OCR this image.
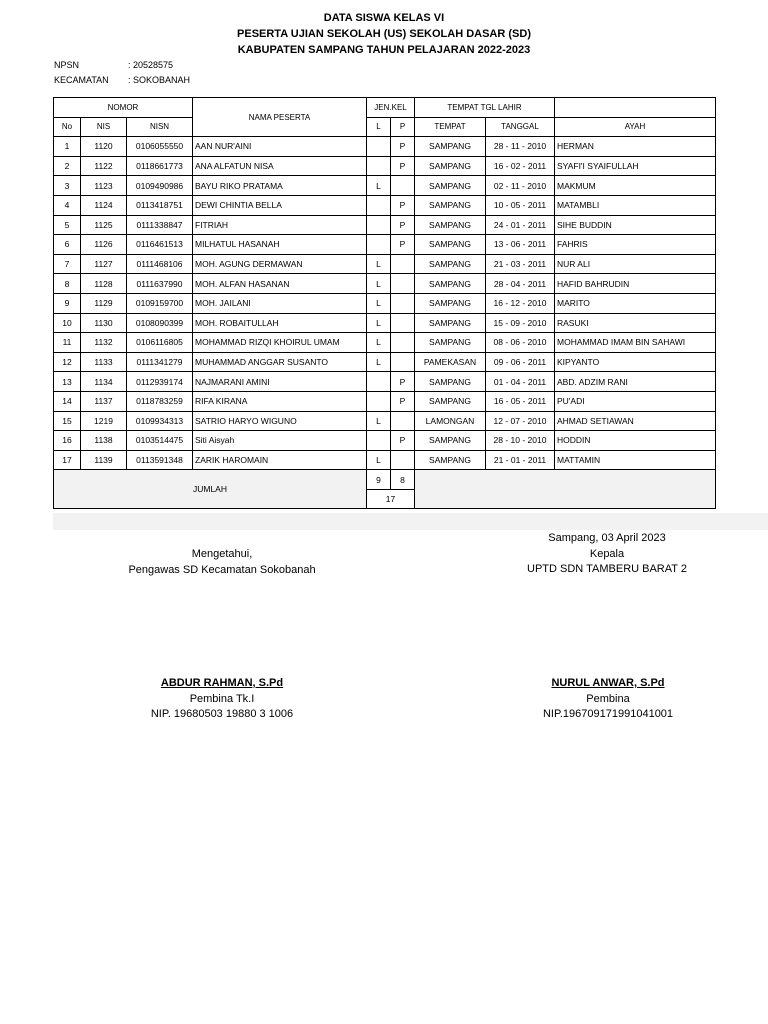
DATA SISWA KELAS VI
PESERTA UJIAN SEKOLAH (US) SEKOLAH DASAR (SD)
KABUPATEN SAMPANG TAHUN PELAJARAN 2022-2023
NPSN	: 20528575
KECAMATAN : SOKOBANAH
NOMOR			NAMA PESERTA	JEN.KEL		TEMPAT TGL LAHIR		
No	NIS	NISN		L	P	TEMPAT	TANGGAL	AYAH
1	1120	0106055550	AAN NUR'AINI		P	SAMPANG	28 - 11 - 2010	HERMAN
2	1122	0118661773	ANA ALFATUN NISA		P	SAMPANG	16 - 02 - 2011	SYAFI'I SYAIFULLAH
3	1123	0109490986	BAYU RIKO PRATAMA	L		SAMPANG	02 - 11 - 2010	MAKMUM
4	1124	0113418751	DEWI CHINTIA BELLA		P	SAMPANG	10 - 05 - 2011	MATAMBLI
5	1125	0111338847	FITRIAH		P	SAMPANG	24 - 01 - 2011	SIHE BUDDIN
6	1126	0116461513	MILHATUL HASANAH		P	SAMPANG	13 - 06 - 2011	FAHRIS
7	1127	0111468106	MOH. AGUNG DERMAWAN	L		SAMPANG	21 - 03 - 2011	NUR ALI
8	1128	0111637990	MOH. ALFAN HASANAN	L		SAMPANG	28 - 04 - 2011	HAFID BAHRUDIN
9	1129	0109159700	MOH. JAILANI	L		SAMPANG	16 - 12 - 2010	MARITO
10	1130	0108090399	MOH. ROBAITULLAH	L		SAMPANG	15 - 09 - 2010	RASUKI
11	1132	0106116805	MOHAMMAD RIZQI KHOIRUL UMAM	L		SAMPANG	08 - 06 - 2010	MOHAMMAD IMAM BIN SAHAWI
12	1133	0111341279	MUHAMMAD ANGGAR SUSANTO	L		PAMEKASAN	09 - 06 - 2011	KIPYANTO
13	1134	0112939174	NAJMARANI AMINI		P	SAMPANG	01 - 04 - 2011	ABD. ADZIM RANI
14	1137	0118783259	RIFA KIRANA		P	SAMPANG	16 - 05 - 2011	PU'ADI
15	1219	0109934313	SATRIO HARYO WIGUNO	L		LAMONGAN	12 - 07 - 2010	AHMAD SETIAWAN
16	1138	0103514475	Siti Aisyah		P	SAMPANG	28 - 10 - 2010	HODDIN
17	1139	0113591348	ZARIK HAROMAIN	L		SAMPANG	21 - 01 - 2011	MATTAMIN
JUMLAH				9	8			
				17				
Sampang, 03 April 2023
Kepala
UPTD SDN TAMBERU BARAT 2
Mengetahui,
Pengawas SD Kecamatan Sokobanah
ABDUR RAHMAN, S.Pd
Pembina Tk.I
NIP. 19680503 19880 3 1006
NURUL ANWAR, S.Pd
Pembina
NIP.196709171991041001
